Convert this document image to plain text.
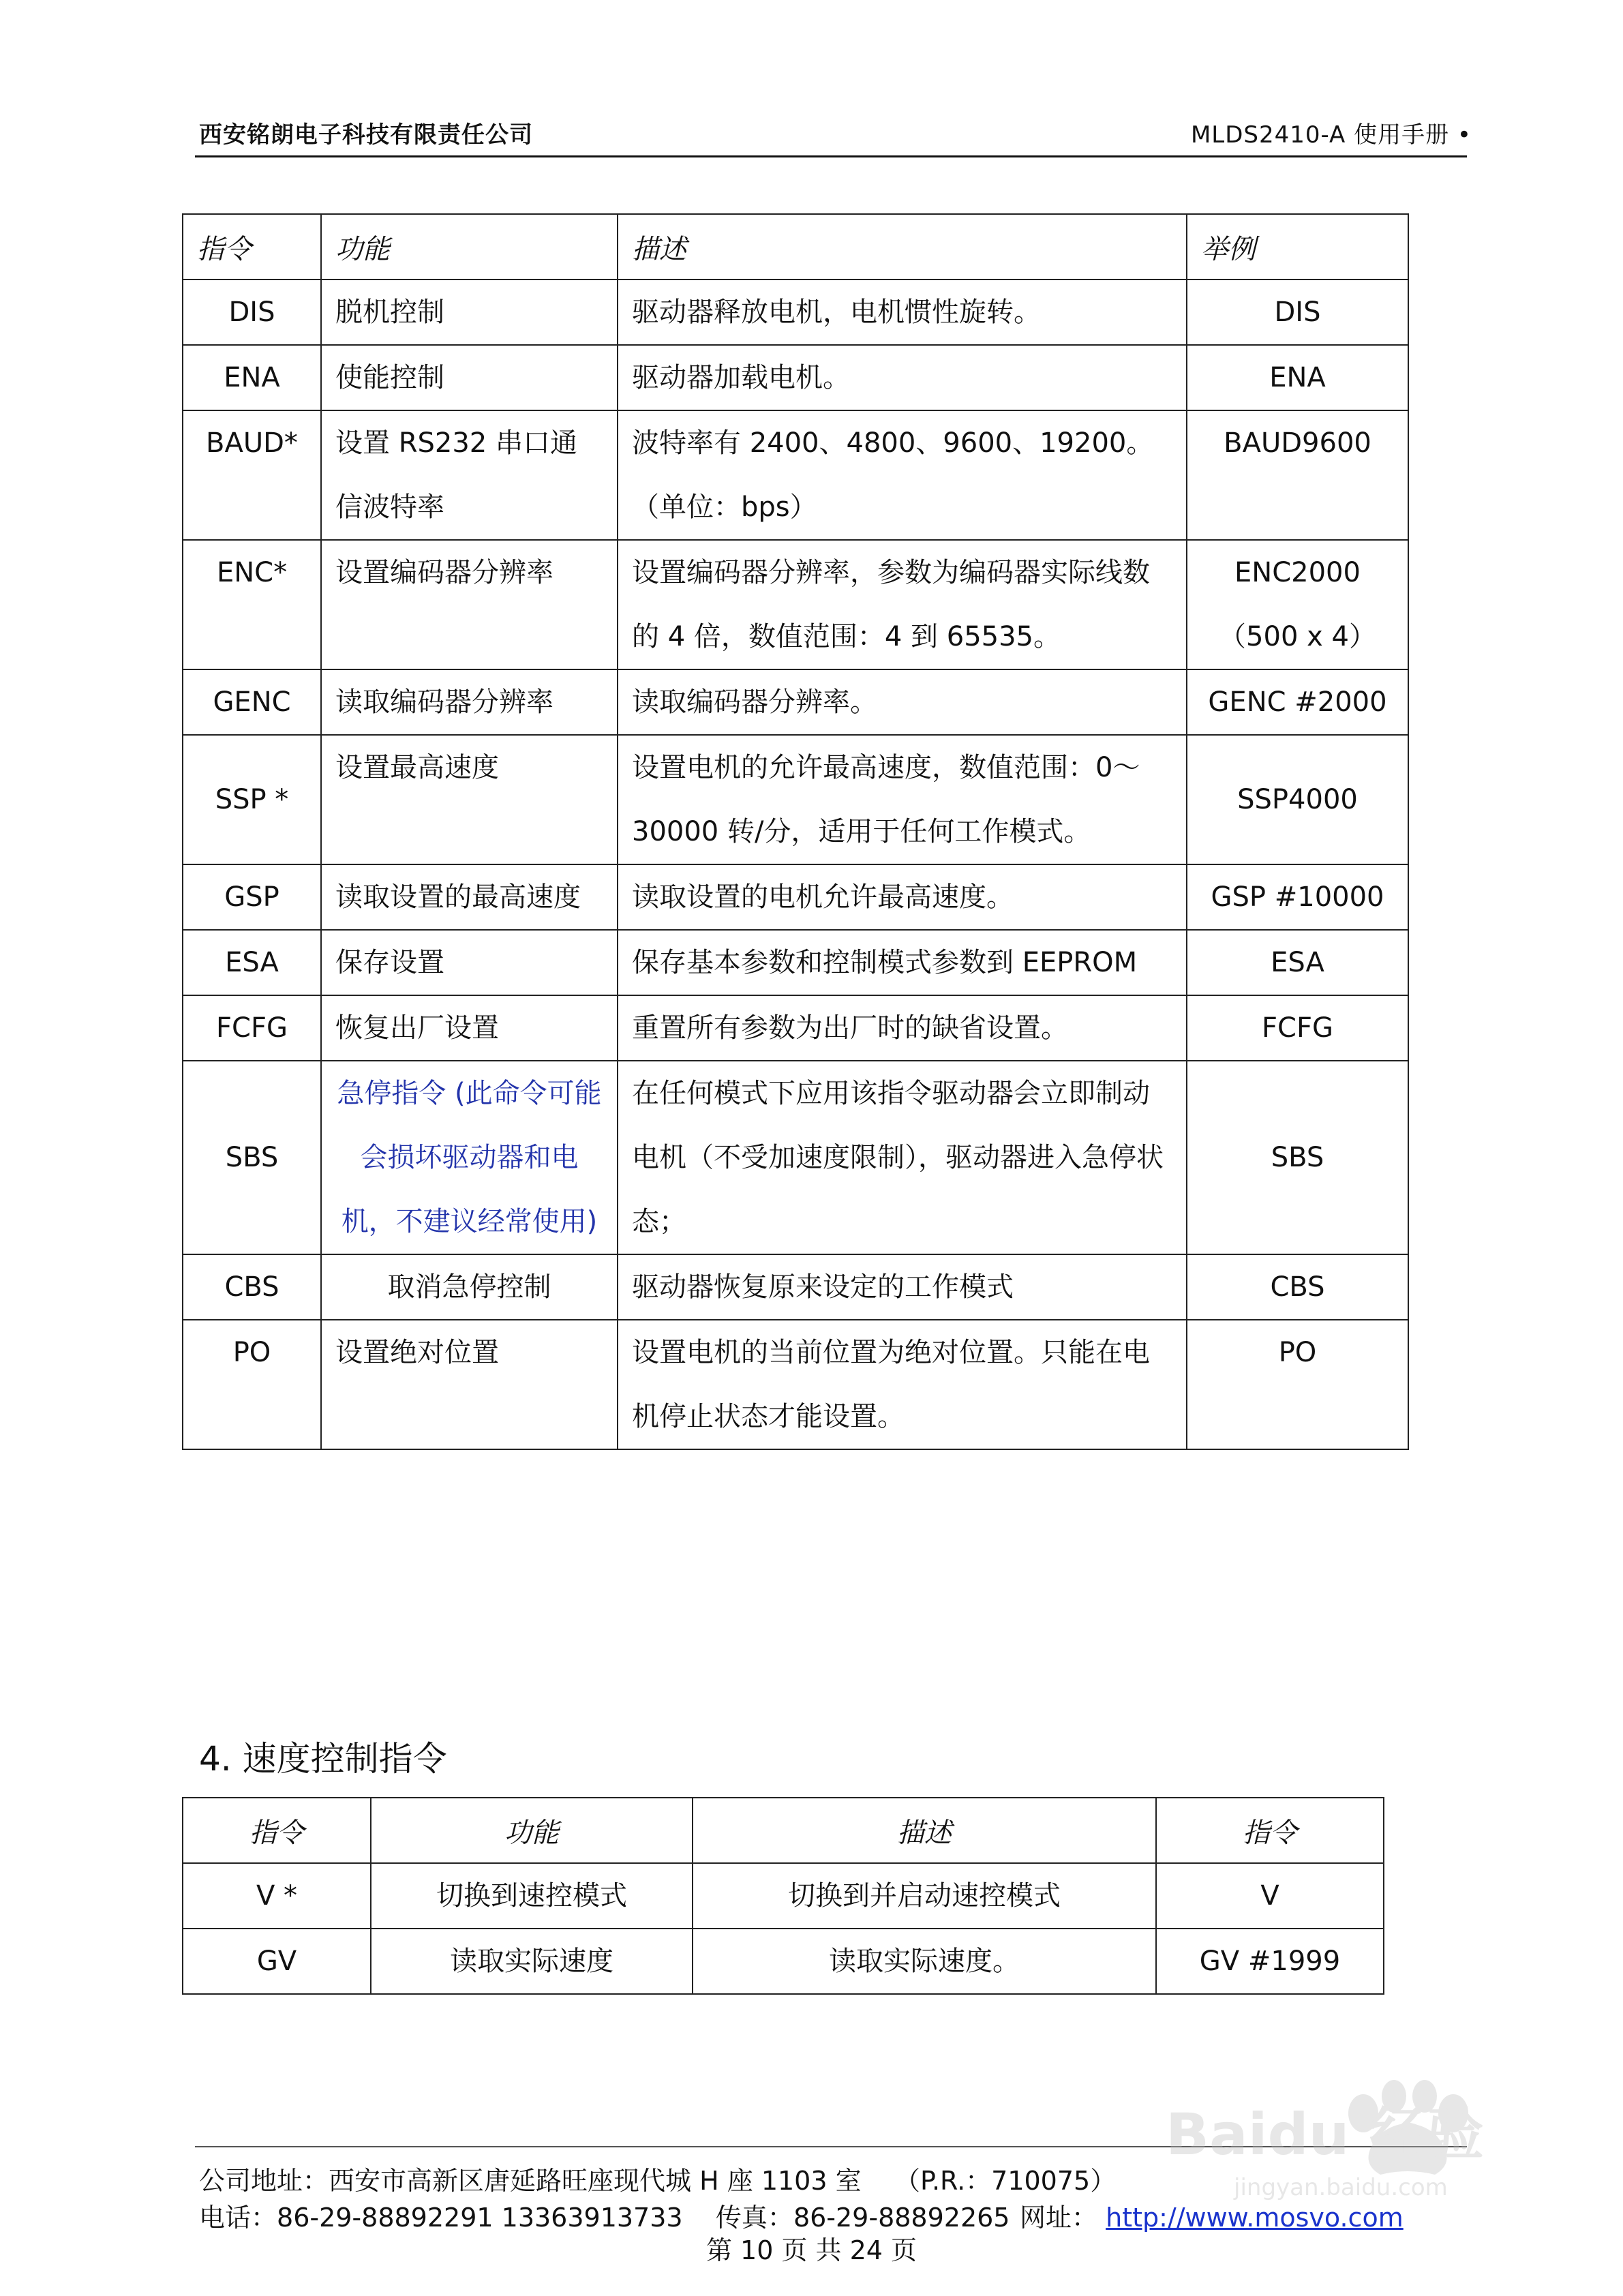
西安铭朗电子科技有限责任公司	MLDS2410-A 使用手册 •
指令	功能	描述	举例
DIS	脱机控制	驱动器释放电机，电机惯性旋转。	DIS
ENA	使能控制	驱动器加载电机。	ENA
BAUD*	设置 RS232 串口通信波特率	波特率有 2400、4800、9600、19200。（单位：bps）	BAUD9600
ENC*	设置编码器分辨率	设置编码器分辨率，参数为编码器实际线数的 4 倍，数值范围：4 到 65535。	ENC2000（500 x 4）
GENC	读取编码器分辨率	读取编码器分辨率。	GENC #2000
SSP *	设置最高速度	设置电机的允许最高速度，数值范围：0～30000 转/分，适用于任何工作模式。	SSP4000
GSP	读取设置的最高速度	读取设置的电机允许最高速度。	GSP #10000
ESA	保存设置	保存基本参数和控制模式参数到 EEPROM	ESA
FCFG	恢复出厂设置	重置所有参数为出厂时的缺省设置。	FCFG
SBS	急停指令 (此命令可能会损坏驱动器和电机，不建议经常使用)	在任何模式下应用该指令驱动器会立即制动电机（不受加速度限制），驱动器进入急停状态；	SBS
CBS	取消急停控制	驱动器恢复原来设定的工作模式	CBS
PO	设置绝对位置	设置电机的当前位置为绝对位置。只能在电机停止状态才能设置。	PO
4. 速度控制指令
指令	功能	描述	指令
V *	切换到速控模式	切换到并启动速控模式	V
GV	读取实际速度	读取实际速度。	GV #1999
公司地址：西安市高新区唐延路旺座现代城 H 座 1103 室 （P.R.：710075）
电话：86-29-88892291 13363913733 传真：86-29-88892265 网址： http://www.mosvo.com
第 10 页 共 24 页
Baidu 经验
jingyan.baidu.com
